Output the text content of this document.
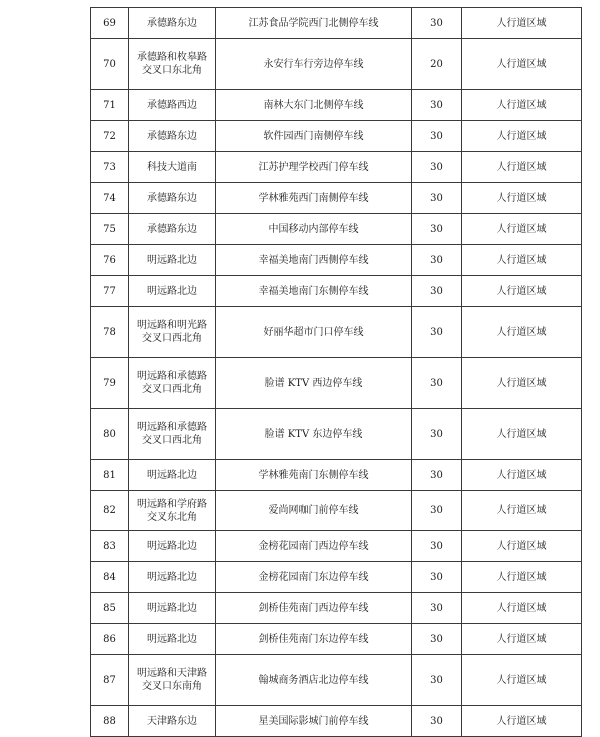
69	承德路东边	江苏食品学院西门北侧停车线	30	人行道区域
70	承德路和枚皋路交叉口东北角	永安行车行旁边停车线	20	人行道区域
71	承德路西边	南林大东门北侧停车线	30	人行道区域
72	承德路东边	软件园西门南侧停车线	30	人行道区域
73	科技大道南	江苏护理学校西门停车线	30	人行道区域
74	承德路东边	学林雅苑西门南侧停车线	30	人行道区域
75	承德路东边	中国移动内部停车线	30	人行道区域
76	明远路北边	幸福美地南门西侧停车线	30	人行道区域
77	明远路北边	幸福美地南门东侧停车线	30	人行道区域
78	明远路和明光路交叉口西北角	好丽华超市门口停车线	30	人行道区域
79	明远路和承德路交叉口西北角	脸谱 KTV 西边停车线	30	人行道区域
80	明远路和承德路交叉口西北角	脸谱 KTV 东边停车线	30	人行道区域
81	明远路北边	学林雅苑南门东侧停车线	30	人行道区域
82	明远路和学府路交叉东北角	爱尚网咖门前停车线	30	人行道区域
83	明远路北边	金榜花园南门西边停车线	30	人行道区域
84	明远路北边	金榜花园南门东边停车线	30	人行道区域
85	明远路北边	剑桥佳苑南门西边停车线	30	人行道区域
86	明远路北边	剑桥佳苑南门东边停车线	30	人行道区域
87	明远路和天津路交叉口东南角	翰城商务酒店北边停车线	30	人行道区域
88	天津路东边	星美国际影城门前停车线	30	人行道区域
